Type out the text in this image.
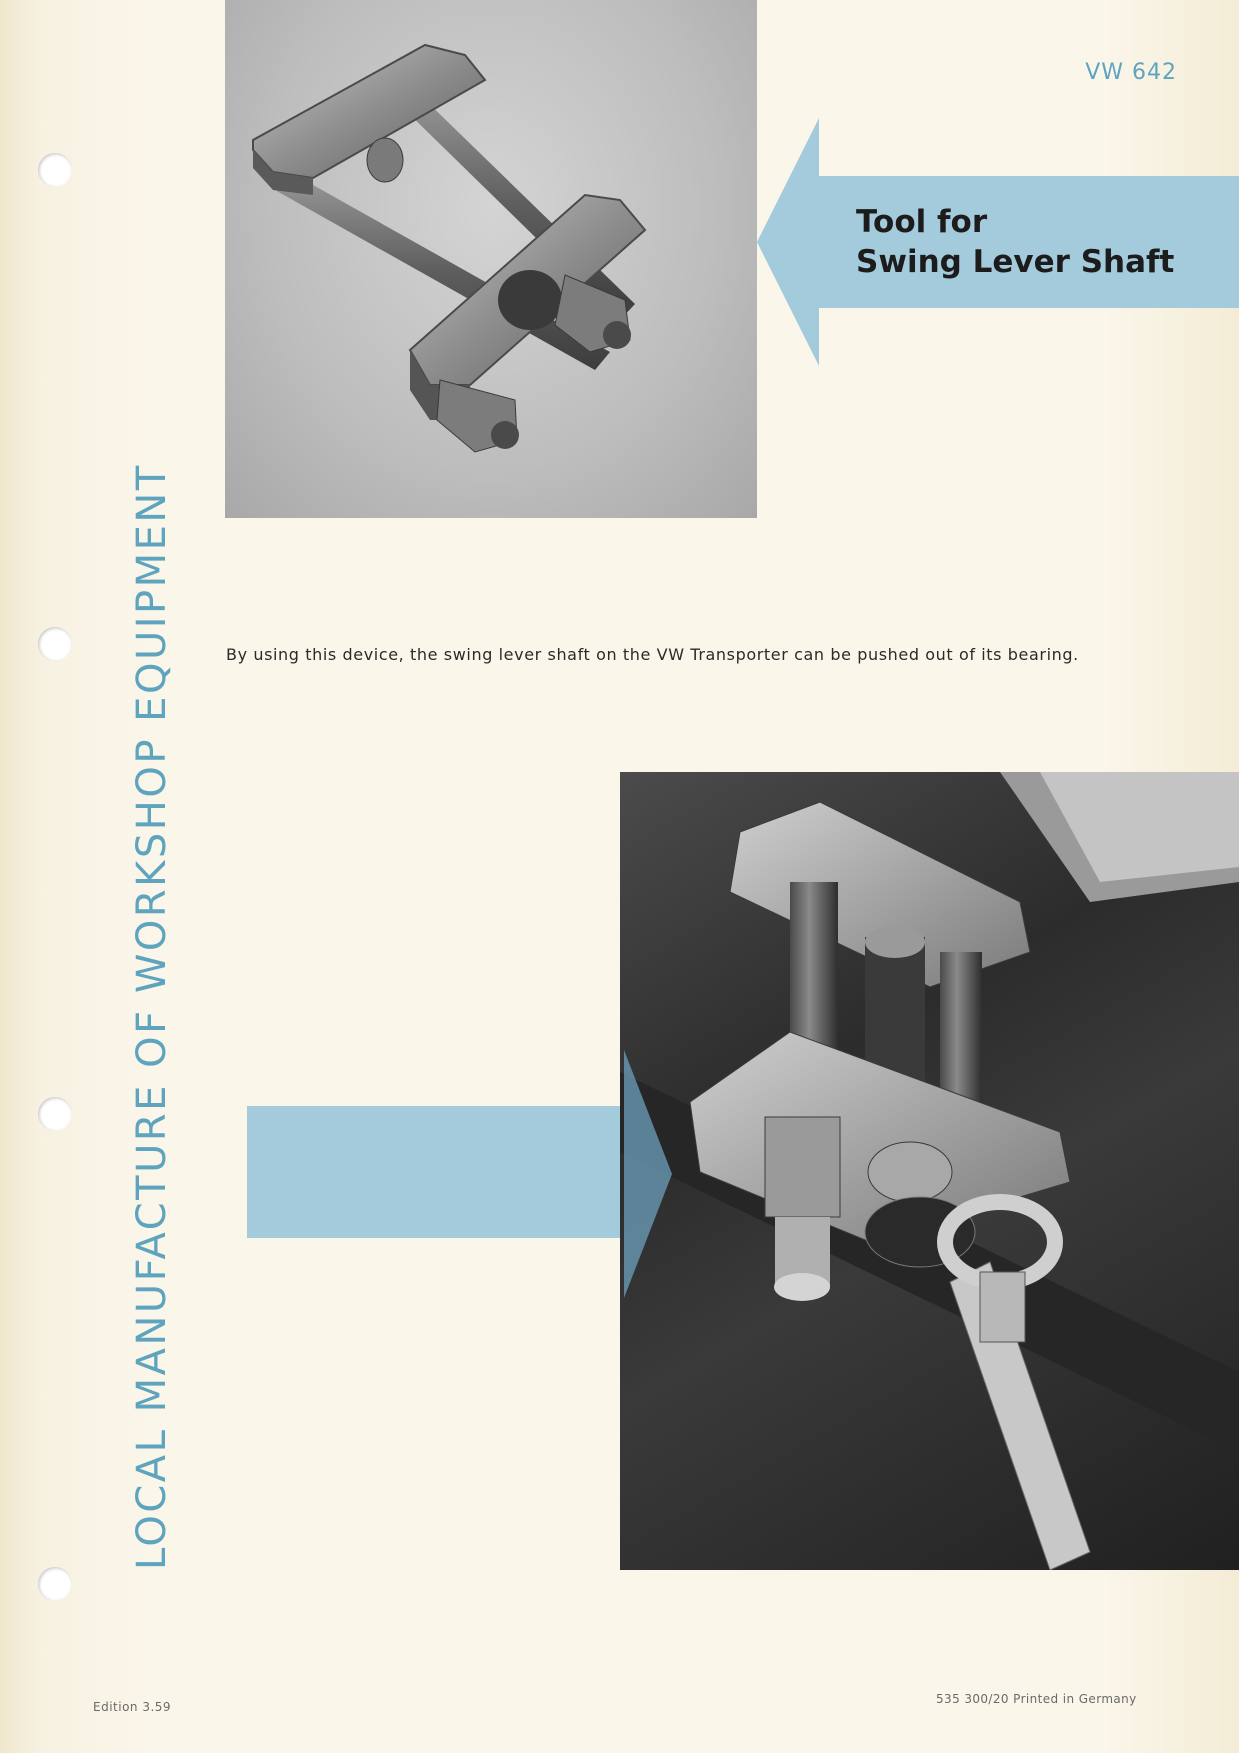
VW 642
Tool for
Swing Lever Shaft
By using this device, the swing lever shaft on the VW Transporter can be pushed out of its bearing.
LOCAL MANUFACTURE OF WORKSHOP EQUIPMENT
Edition 3.59
535 300/20 Printed in Germany
